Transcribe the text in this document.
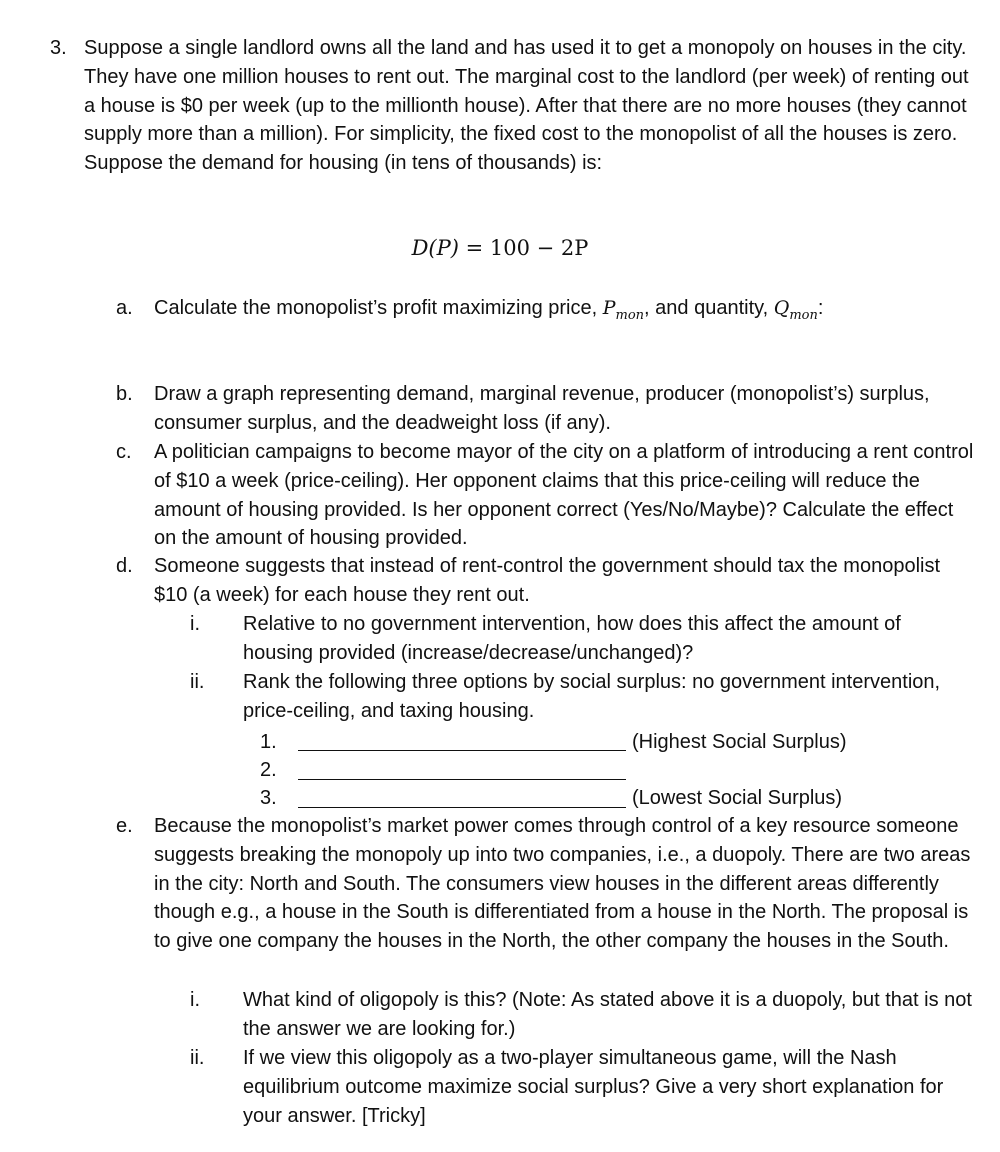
3. Suppose a single landlord owns all the land and has used it to get a monopoly on houses in the city. They have one million houses to rent out. The marginal cost to the landlord (per week) of renting out a house is $0 per week (up to the millionth house). After that there are no more houses (they cannot supply more than a million). For simplicity, the fixed cost to the monopolist of all the houses is zero. Suppose the demand for housing (in tens of thousands) is:

D(P) = 100 − 2P

a. Calculate the monopolist’s profit maximizing price, $P_{mon}$, and quantity, $Q_{mon}$:

b. Draw a graph representing demand, marginal revenue, producer (monopolist’s) surplus, consumer surplus, and the deadweight loss (if any).

c. A politician campaigns to become mayor of the city on a platform of introducing a rent control of $10 a week (price-ceiling). Her opponent claims that this price-ceiling will reduce the amount of housing provided. Is her opponent correct (Yes/No/Maybe)? Calculate the effect on the amount of housing provided.

d. Someone suggests that instead of rent-control the government should tax the monopolist $10 (a week) for each house they rent out.

i. Relative to no government intervention, how does this affect the amount of housing provided (increase/decrease/unchanged)?

ii. Rank the following three options by social surplus: no government intervention, price-ceiling, and taxing housing.

1.	(Highest Social Surplus)

2.

3.	(Lowest Social Surplus)

e. Because the monopolist’s market power comes through control of a key resource someone suggests breaking the monopoly up into two companies, i.e., a duopoly. There are two areas in the city: North and South. The consumers view houses in the different areas differently though e.g., a house in the South is differentiated from a house in the North. The proposal is to give one company the houses in the North, the other company the houses in the South.

i. What kind of oligopoly is this? (Note: As stated above it is a duopoly, but that is not the answer we are looking for.)

ii. If we view this oligopoly as a two-player simultaneous game, will the Nash equilibrium outcome maximize social surplus? Give a very short explanation for your answer. [Tricky]
